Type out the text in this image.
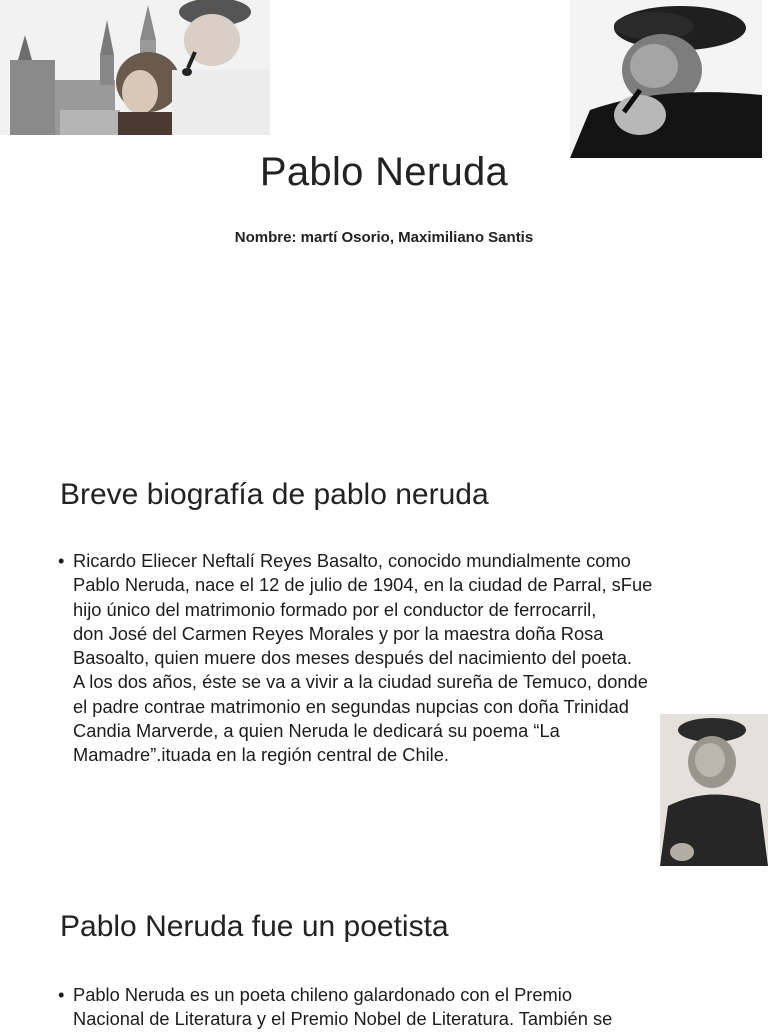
Pablo Neruda

Nombre: martí Osorio, Maximiliano Santis

Breve biografía de pablo neruda
• Ricardo Eliecer Neftalí Reyes Basalto, conocido mundialmente como
Pablo Neruda, nace el 12 de julio de 1904, en la ciudad de Parral, sFue
hijo único del matrimonio formado por el conductor de ferrocarril,
don José del Carmen Reyes Morales y por la maestra doña Rosa
Basoalto, quien muere dos meses después del nacimiento del poeta.
A los dos años, éste se va a vivir a la ciudad sureña de Temuco, donde
el padre contrae matrimonio en segundas nupcias con doña Trinidad
Candia Marverde, a quien Neruda le dedicará su poema “La
Mamadre”.ituada en la región central de Chile.
Pablo Neruda fue un poetista
• Pablo Neruda es un poeta chileno galardonado con el Premio
Nacional de Literatura y el Premio Nobel de Literatura. También se
